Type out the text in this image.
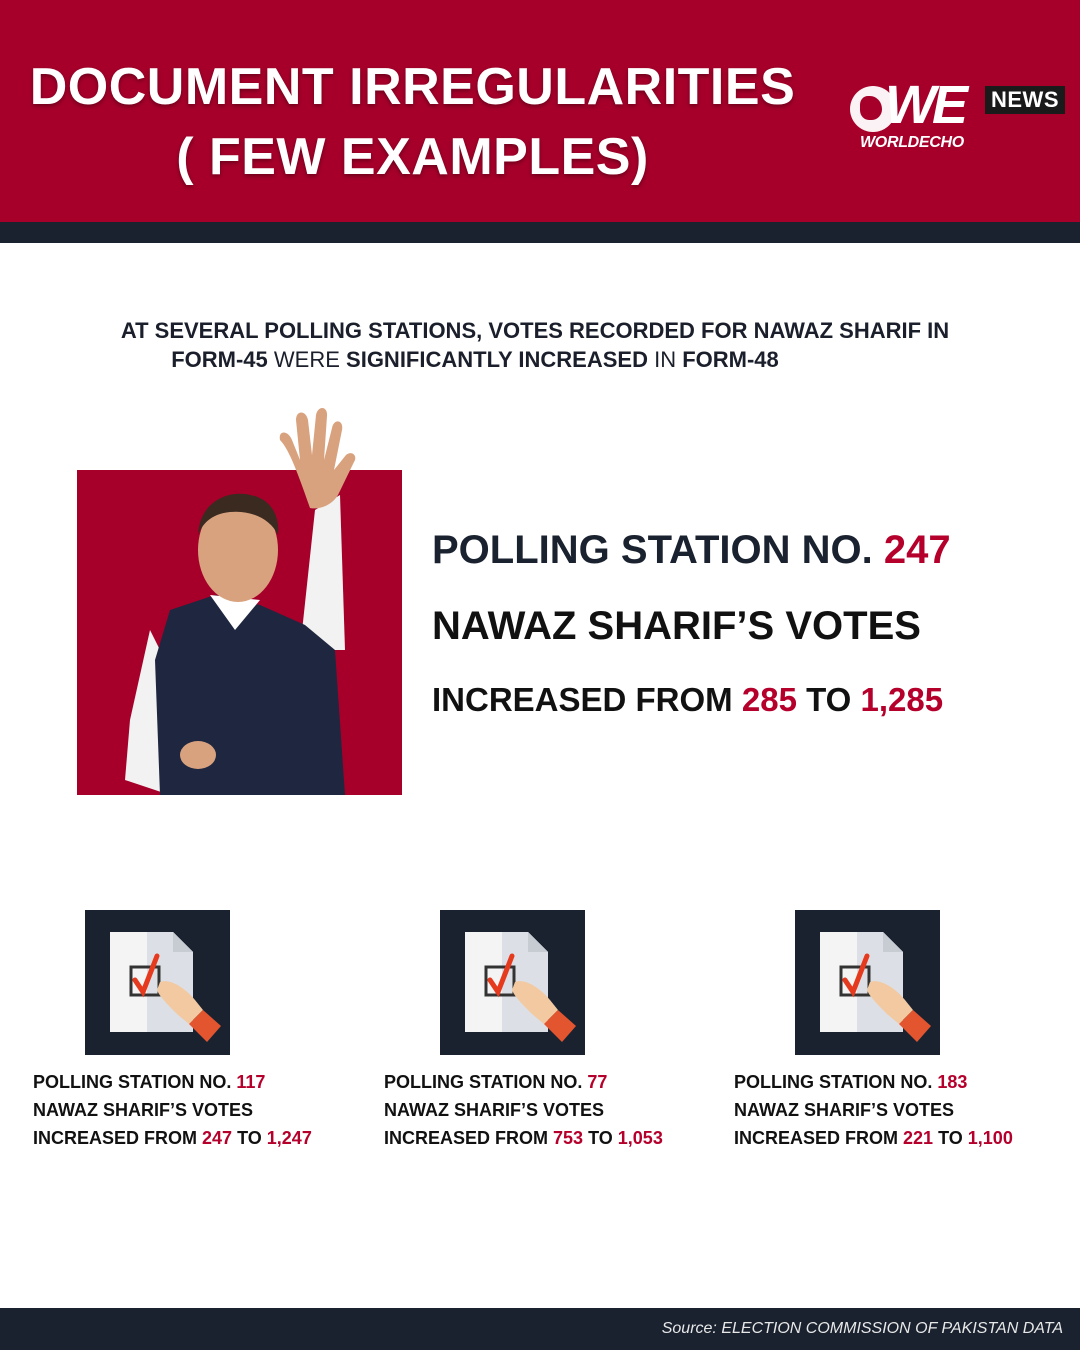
DOCUMENT IRREGULARITIES
( FEW EXAMPLES)
WE NEWS
WORLDECHO
AT SEVERAL POLLING STATIONS, VOTES RECORDED FOR NAWAZ SHARIF IN
FORM-45 WERE SIGNIFICANTLY INCREASED IN FORM-48
POLLING STATION NO. 247
NAWAZ SHARIF’S VOTES
INCREASED FROM 285 TO 1,285
POLLING STATION NO. 117
NAWAZ SHARIF’S VOTES
INCREASED FROM 247 TO 1,247
POLLING STATION NO. 77
NAWAZ SHARIF’S VOTES
INCREASED FROM 753 TO 1,053
POLLING STATION NO. 183
NAWAZ SHARIF’S VOTES
INCREASED FROM 221 TO 1,100
Source: ELECTION COMMISSION OF PAKISTAN DATA
